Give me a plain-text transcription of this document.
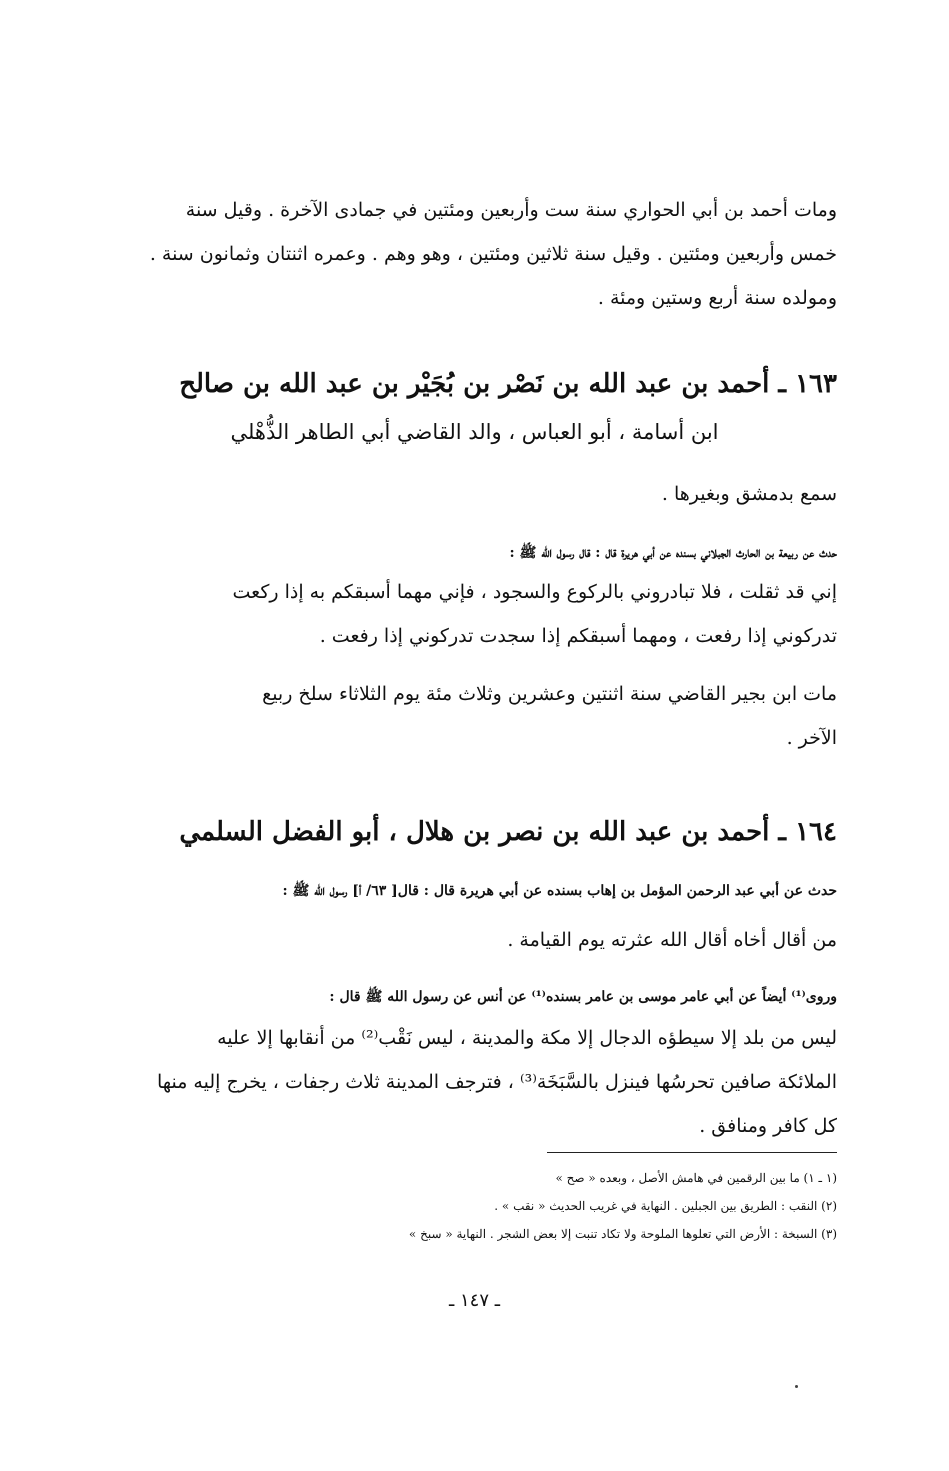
ومات أحمد بن أبي الحواري سنة ست وأربعين ومئتين في جمادى الآخرة . وقيل سنة
خمس وأربعين ومئتين . وقيل سنة ثلاثين ومئتين ، وهو وهم . وعمره اثنتان وثمانون سنة .
ومولده سنة أربع وستين ومئة .
١٦٣ ـ أحمد بن عبد الله بن نَصْر بن بُجَيْر بن عبد الله بن صالح
ابن أسامة ، أبو العباس ، والد القاضي أبي الطاهر الذُّهْلي
سمع بدمشق وبغيرها .
حدث عن ربيعة بن الحارث الجبلاني بسنده عن أبي هريرة قال : قال رسول الله ﷺ :
إني قد ثقلت ، فلا تبادروني بالركوع والسجود ، فإني مهما أسبقكم به إذا ركعت
تدركوني إذا رفعت ، ومهما أسبقكم إذا سجدت تدركوني إذا رفعت .
مات ابن بجير القاضي سنة اثنتين وعشرين وثلاث مئة يوم الثلاثاء سلخ ربيع
الآخر .
١٦٤ ـ أحمد بن عبد الله بن نصر بن هلال ، أبو الفضل السلمي
حدث عن أبي عبد الرحمن المؤمل بن إهاب بسنده عن أبي هريرة قال : قال[ ٦٣/ أ] رسول الله ﷺ :
من أقال أخاه أقال الله عثرته يوم القيامة .
وروى⁽¹⁾ أيضاً عن أبي عامر موسى بن عامر بسنده⁽¹⁾ عن أنس عن رسول الله ﷺ قال :
ليس من بلد إلا سيطؤه الدجال إلا مكة والمدينة ، ليس نَقْب⁽²⁾ من أنقابها إلا عليه
الملائكة صافين تحرسُها فينزل بالسَّبَخَة⁽³⁾ ، فترجف المدينة ثلاث رجفات ، يخرج إليه منها
كل كافر ومنافق .
(١ ـ ١) ما بين الرقمين في هامش الأصل ، وبعده « صح »
(٢) النقب : الطريق بين الجبلين . النهاية في غريب الحديث « نقب » .
(٣) السبخة : الأرض التي تعلوها الملوحة ولا تكاد تنبت إلا بعض الشجر . النهاية « سبخ »
ـ ١٤٧ ـ
